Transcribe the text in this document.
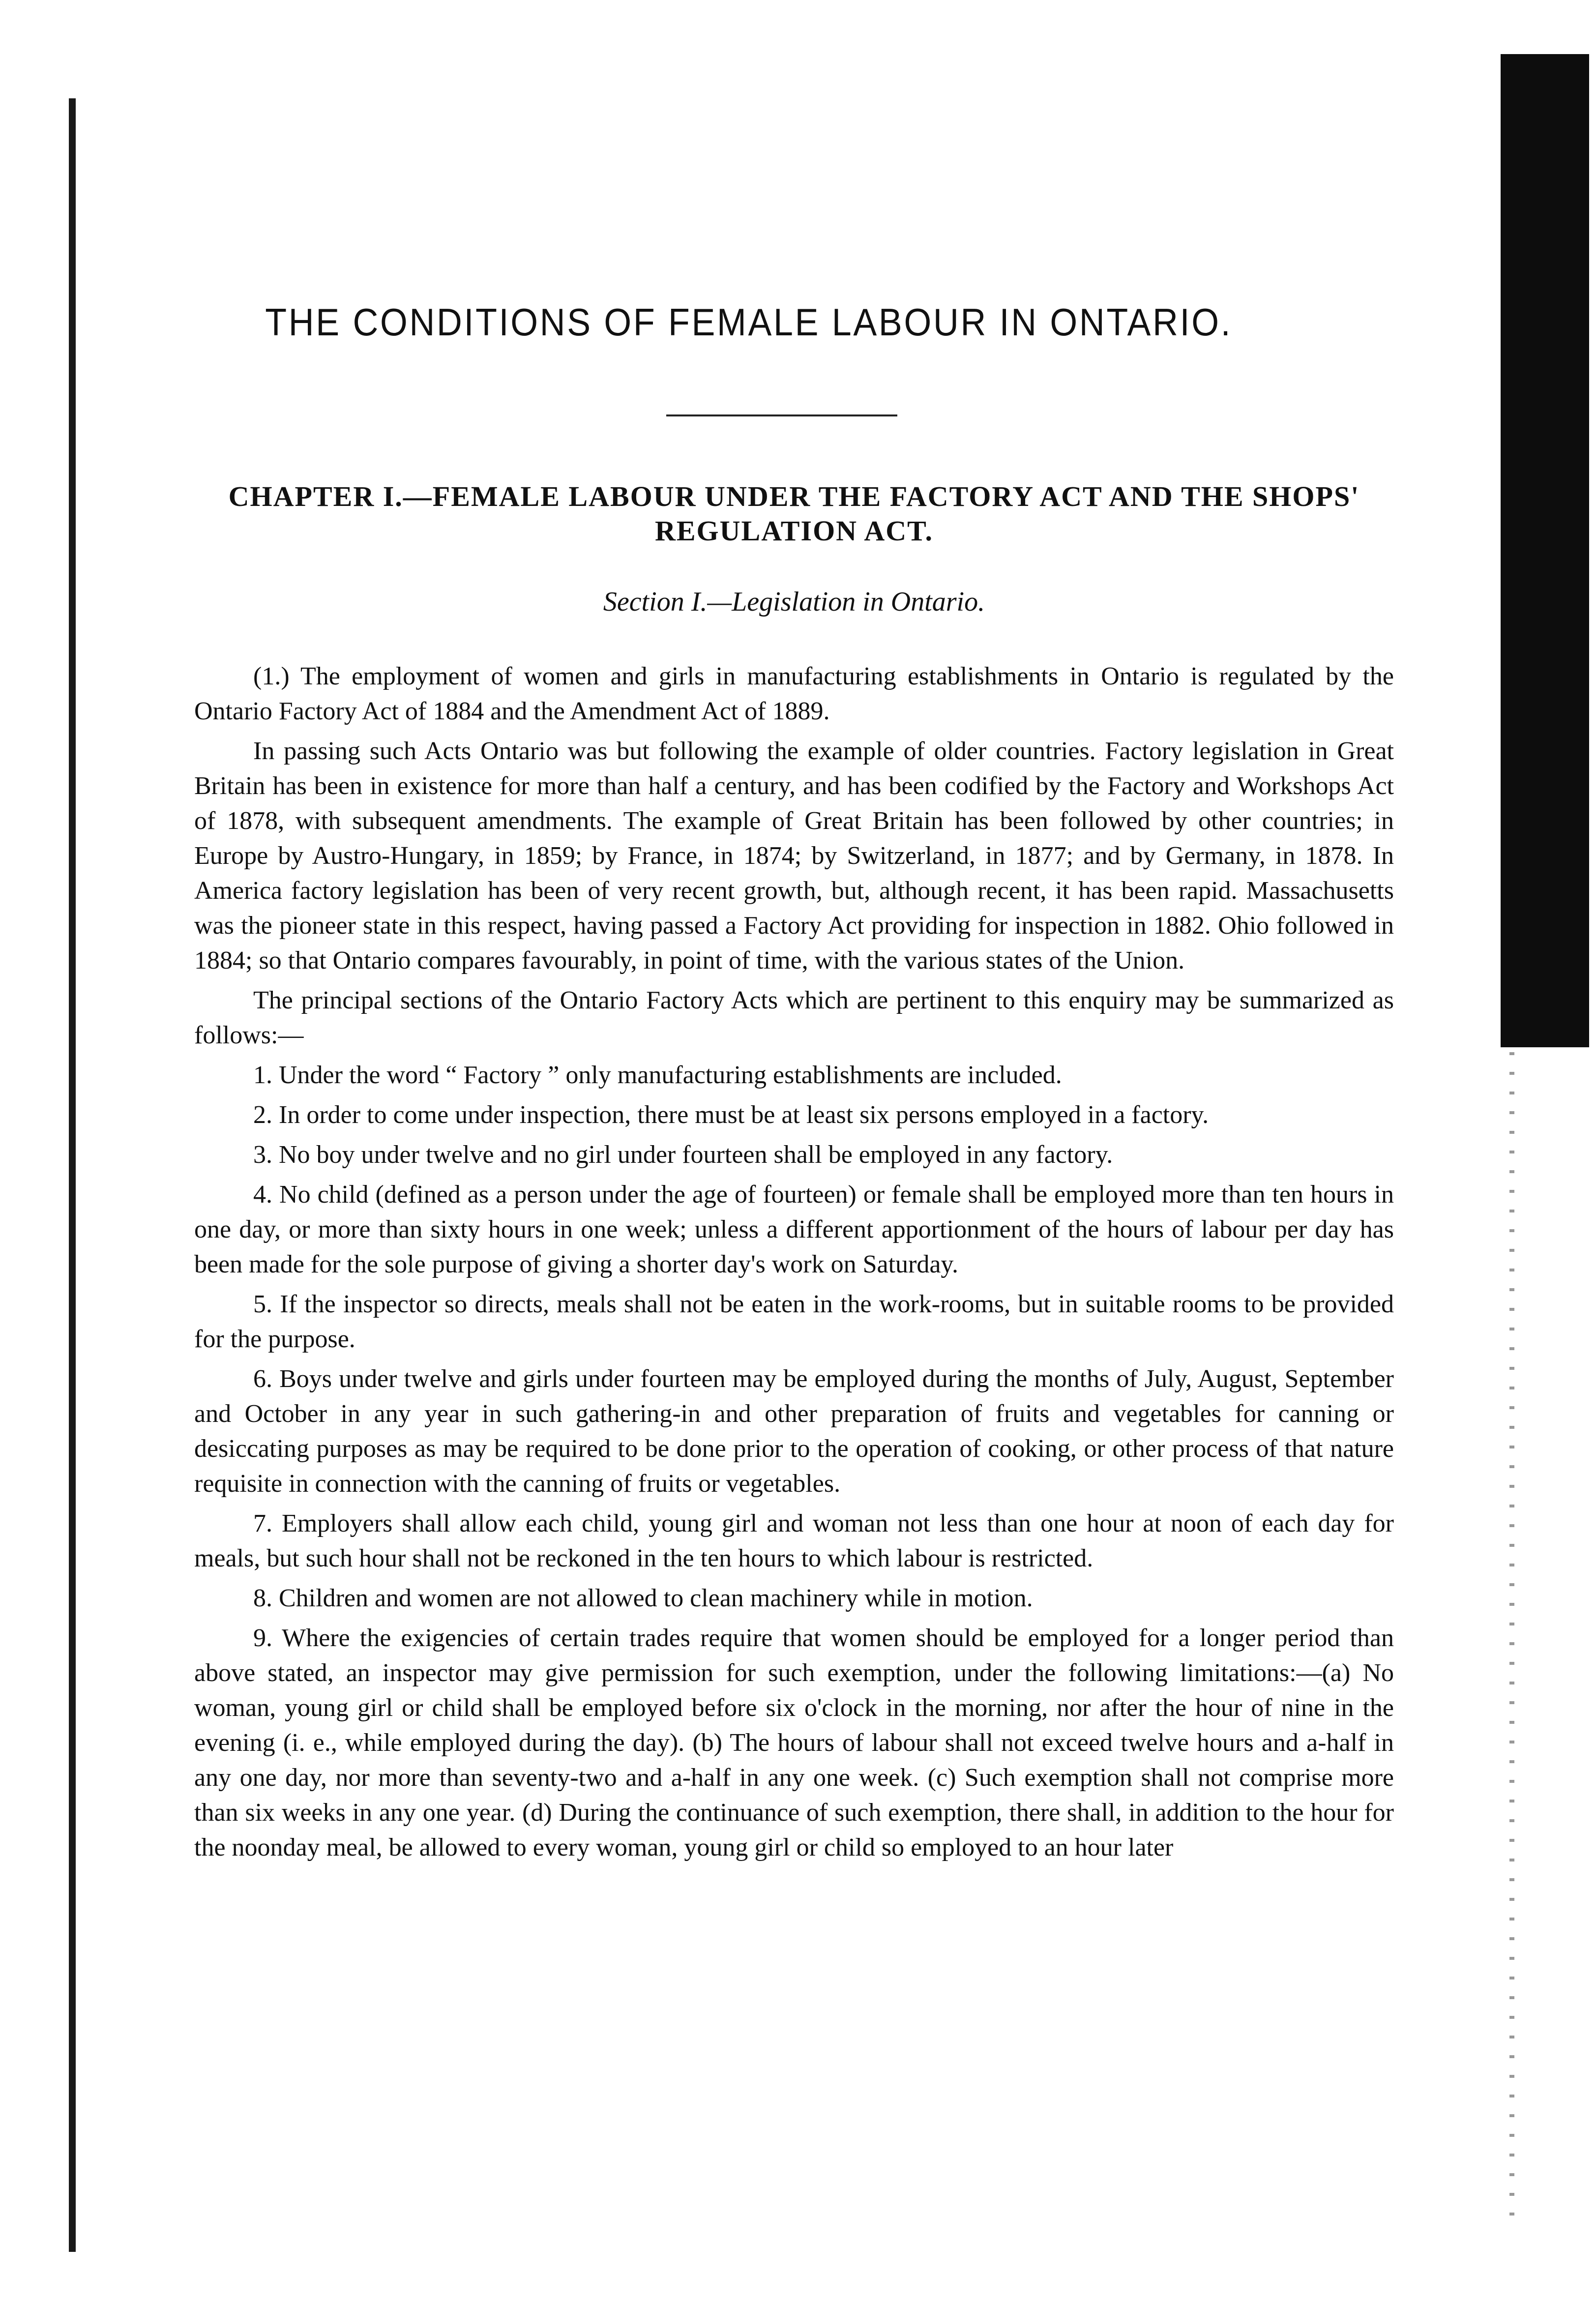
THE CONDITIONS OF FEMALE LABOUR IN ONTARIO.
CHAPTER I.—FEMALE LABOUR UNDER THE FACTORY ACT AND THE SHOPS' REGULATION ACT.
Section I.—Legislation in Ontario.

(1.) The employment of women and girls in manufacturing establishments in Ontario is regulated by the Ontario Factory Act of 1884 and the Amendment Act of 1889.

In passing such Acts Ontario was but following the example of older countries. Factory legislation in Great Britain has been in existence for more than half a century, and has been codified by the Factory and Workshops Act of 1878, with subsequent amendments. The example of Great Britain has been followed by other countries; in Europe by Austro-Hungary, in 1859; by France, in 1874; by Switzerland, in 1877; and by Germany, in 1878. In America factory legislation has been of very recent growth, but, although recent, it has been rapid. Massachusetts was the pioneer state in this respect, having passed a Factory Act providing for inspection in 1882. Ohio followed in 1884; so that Ontario compares favourably, in point of time, with the various states of the Union.

The principal sections of the Ontario Factory Acts which are pertinent to this enquiry may be summarized as follows:—

1. Under the word “ Factory ” only manufacturing establishments are included.

2. In order to come under inspection, there must be at least six persons employed in a factory.

3. No boy under twelve and no girl under fourteen shall be employed in any factory.

4. No child (defined as a person under the age of fourteen) or female shall be employed more than ten hours in one day, or more than sixty hours in one week; unless a different apportionment of the hours of labour per day has been made for the sole purpose of giving a shorter day's work on Saturday.

5. If the inspector so directs, meals shall not be eaten in the work-rooms, but in suitable rooms to be provided for the purpose.

6. Boys under twelve and girls under fourteen may be employed during the months of July, August, September and October in any year in such gathering-in and other preparation of fruits and vegetables for canning or desiccating purposes as may be required to be done prior to the operation of cooking, or other process of that nature requisite in connection with the canning of fruits or vegetables.

7. Employers shall allow each child, young girl and woman not less than one hour at noon of each day for meals, but such hour shall not be reckoned in the ten hours to which labour is restricted.

8. Children and women are not allowed to clean machinery while in motion.

9. Where the exigencies of certain trades require that women should be employed for a longer period than above stated, an inspector may give permission for such exemption, under the following limitations:—(a) No woman, young girl or child shall be employed before six o'clock in the morning, nor after the hour of nine in the evening (i. e., while employed during the day). (b) The hours of labour shall not exceed twelve hours and a-half in any one day, nor more than seventy-two and a-half in any one week. (c) Such exemption shall not comprise more than six weeks in any one year. (d) During the continuance of such exemption, there shall, in addition to the hour for the noonday meal, be allowed to every woman, young girl or child so employed to an hour later
